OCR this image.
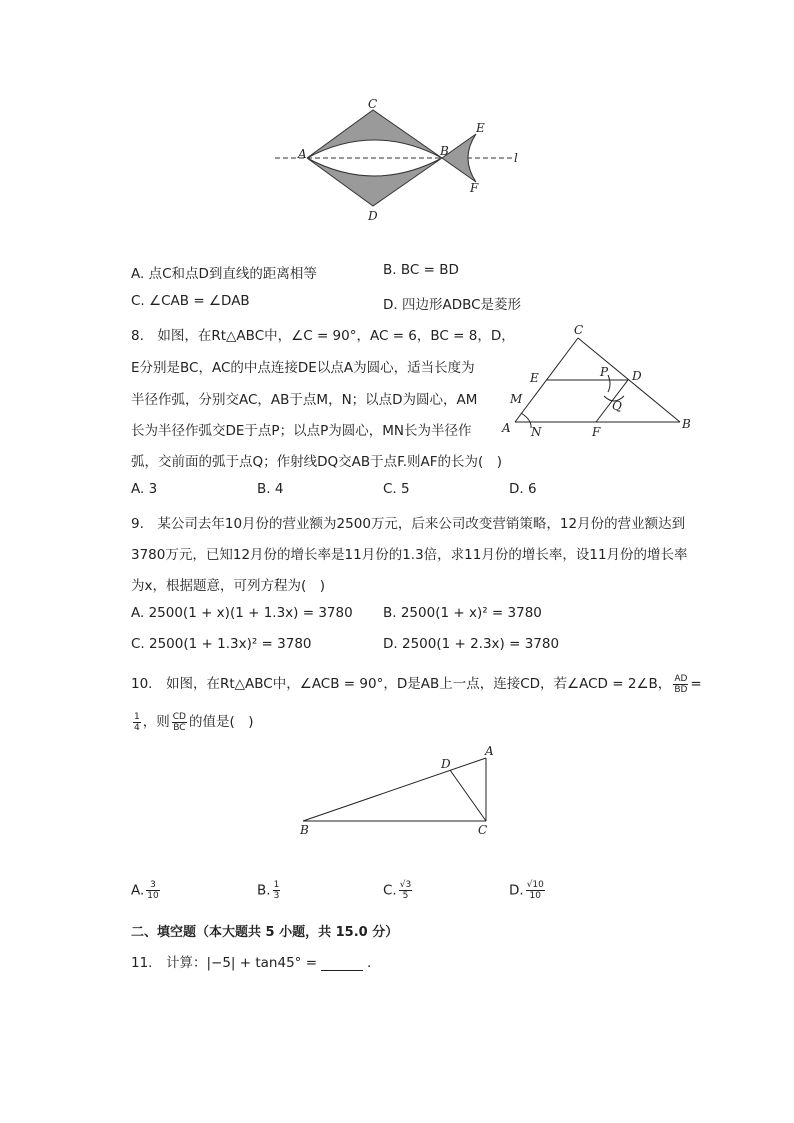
C
A	B
E
l
F
D
A. 点C和点D到直线的距离相等	B. BC = BD
C. ∠CAB = ∠DAB	D. 四边形ADBC是菱形
8.　如图，在Rt△ABC中，∠C = 90°，AC = 6，BC = 8，D，
E分别是BC，AC的中点连接DE以点A为圆心，适当长度为
半径作弧，分别交AC，AB于点M，N；以点D为圆心，AM
长为半径作弧交DE于点P；以点P为圆心，MN长为半径作
弧，交前面的弧于点Q；作射线DQ交AB于点F.则AF的长为(　)
C
E	P D
M	Q
A N	F
B
A. 3	B. 4	C. 5	D. 6
9.　某公司去年10月份的营业额为2500万元，后来公司改变营销策略，12月份的营业额达到
3780万元，已知12月份的增长率是11月份的1.3倍，求11月份的增长率，设11月份的增长率
为x，根据题意，可列方程为(　)
A. 2500(1 + x)(1 + 1.3x) = 3780 B. 2500(1 + x)² = 3780
C. 2500(1 + 1.3x)² = 3780	D. 2500(1 + 2.3x) = 3780
10.　如图，在Rt△ABC中，∠ACB = 90°，D是AB上一点，连接CD，若∠ACD = 2∠B， $\frac{AD}{BD}$ =
$\frac{1}{4}$ ，则 $\frac{CD}{BC}$ 的值是(　)
D
A
B	C
A. $\frac{3}{10}$	B. $\frac{1}{3}$	C. $\frac{√3}{5}$	D. $\frac{√10}{10}$
二、填空题（本大题共 5 小题，共 15.0 分）
11.　计算：|−5| + tan45° =	.
